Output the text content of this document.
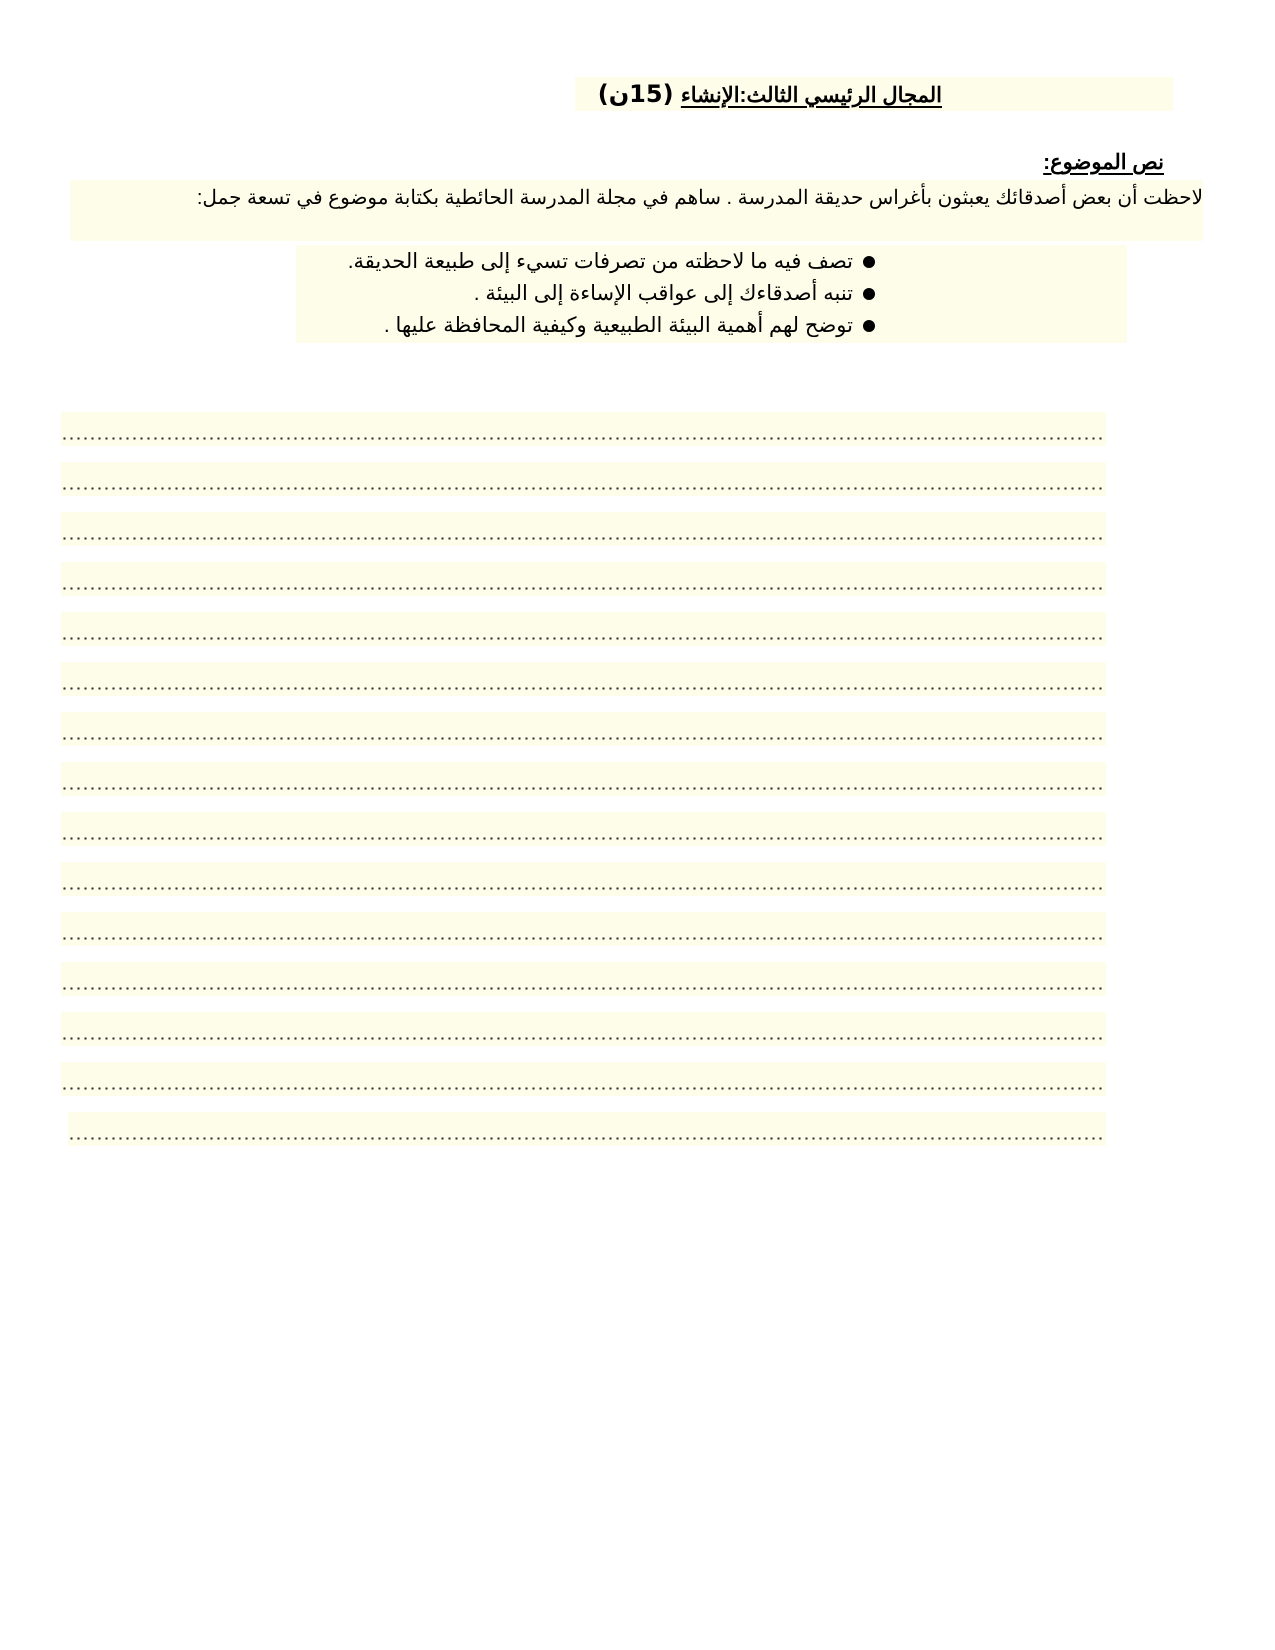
المجال الرئيسي الثالث:الإنشاء (15ن)
نص الموضوع:
لاحظت أن بعض أصدقائك يعبثون بأغراس حديقة المدرسة . ساهم في مجلة المدرسة الحائطية بكتابة موضوع في تسعة جمل:
تصف فيه ما لاحظته من تصرفات تسيء إلى طبيعة الحديقة.
تنبه أصدقاءك إلى عواقب الإساءة إلى البيئة .
توضح لهم أهمية البيئة الطبيعية وكيفية المحافظة عليها .
